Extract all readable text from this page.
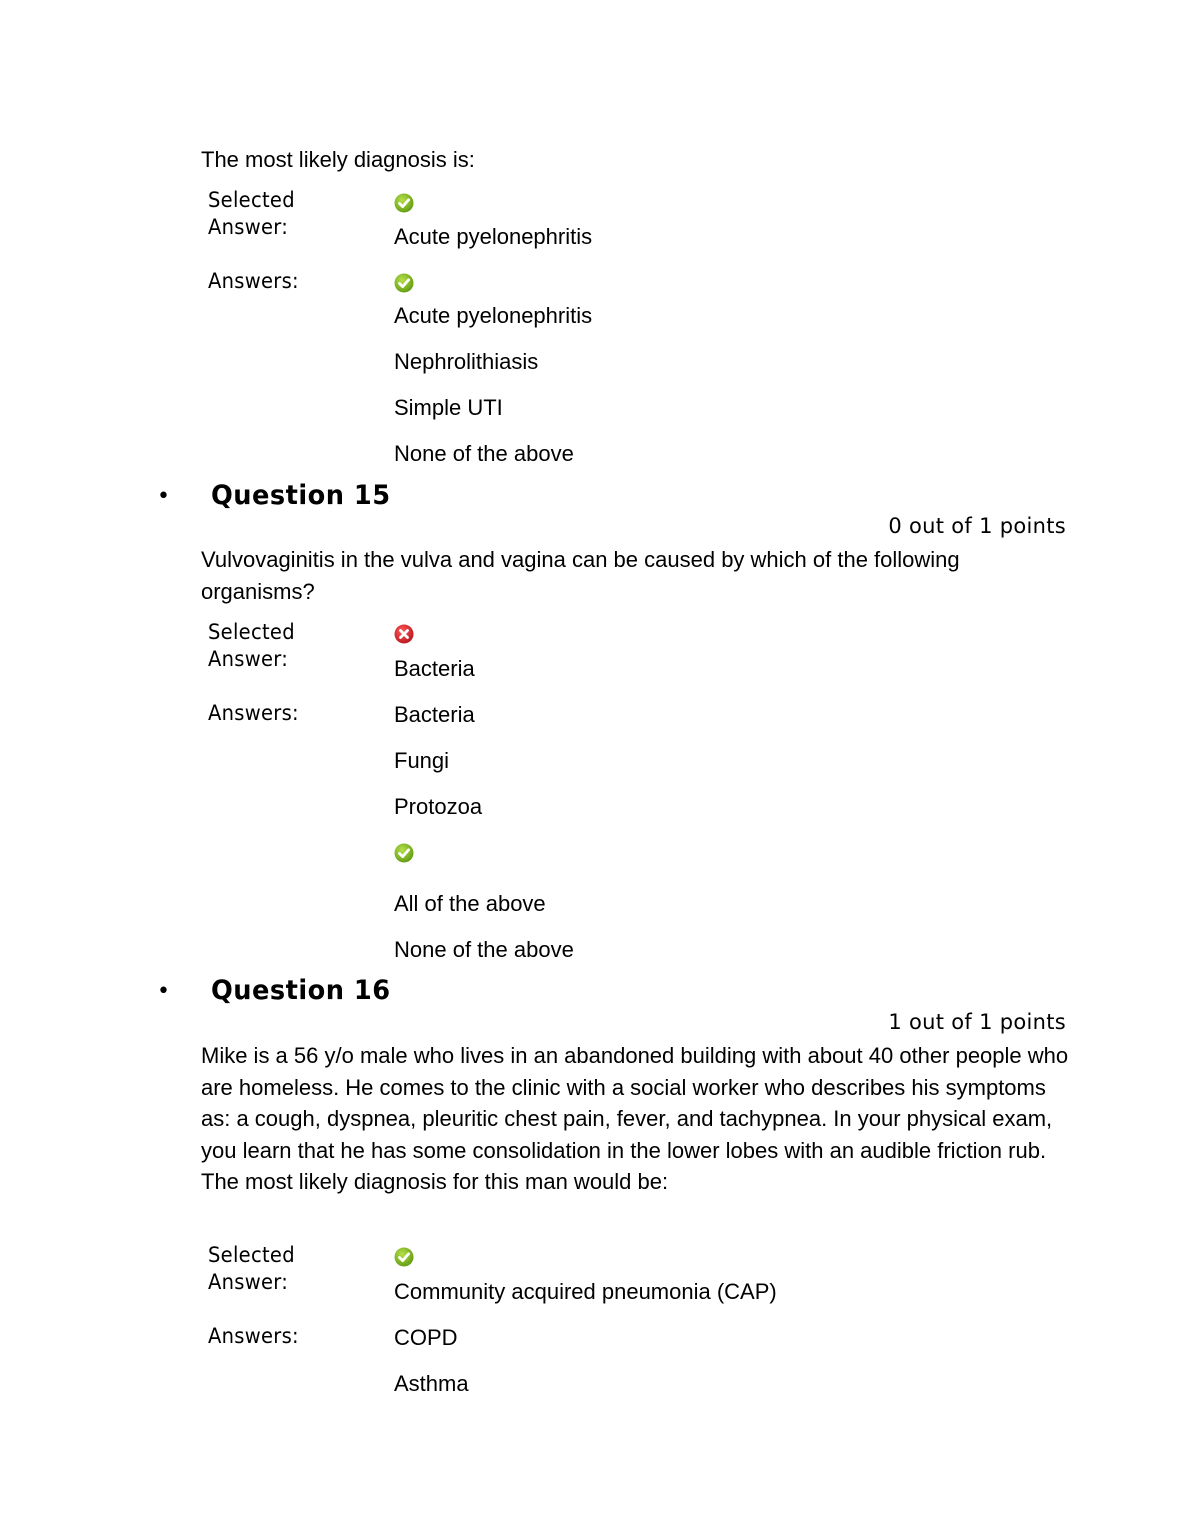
The most likely diagnosis is:
Selected
Answer:	Acute pyelonephritis
Answers:
Acute pyelonephritis
Nephrolithiasis
Simple UTI
None of the above
• Question 15
0 out of 1 points
Vulvovaginitis in the vulva and vagina can be caused by which of the following organisms?
Selected
Answer:	Bacteria
Answers:	Bacteria
Fungi
Protozoa
All of the above
None of the above
• Question 16
1 out of 1 points
Mike is a 56 y/o male who lives in an abandoned building with about 40 other people who are homeless. He comes to the clinic with a social worker who describes his symptoms as: a cough, dyspnea, pleuritic chest pain, fever, and tachypnea. In your physical exam, you learn that he has some consolidation in the lower lobes with an audible friction rub. The most likely diagnosis for this man would be:
Selected
Answer:	Community acquired pneumonia (CAP)
Answers:	COPD
Asthma
